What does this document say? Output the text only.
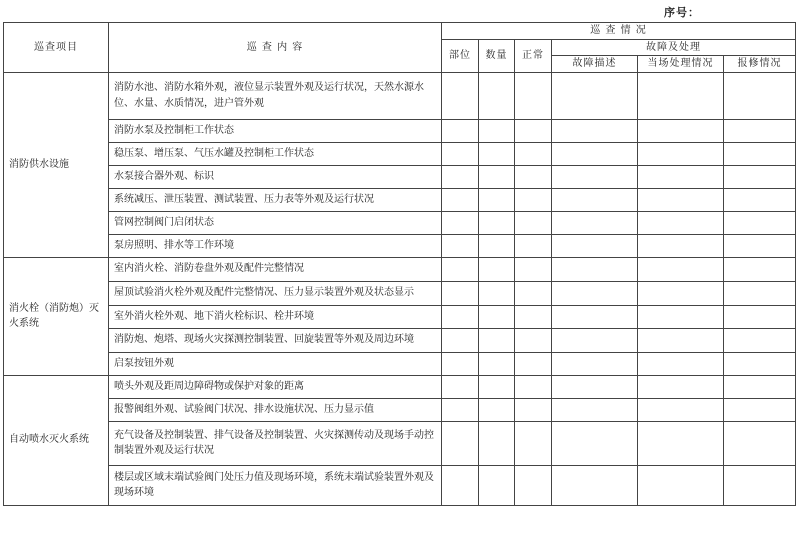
序号：
巡查项目	巡 查 内 容	巡 查 情 况					
		部位	数量	正常	故障及处理		
					故障描述	当场处理情况	报修情况
消防供水设施	消防水池、消防水箱外观，液位显示装置外观及运行状况，天然水源水位、水量、水质情况，进户管外观						
	消防水泵及控制柜工作状态						
	稳压泵、增压泵、气压水罐及控制柜工作状态						
	水泵接合器外观、标识						
	系统减压、泄压装置、测试装置、压力表等外观及运行状况						
	管网控制阀门启闭状态						
	泵房照明、排水等工作环境						
消火栓（消防炮）灭火系统	室内消火栓、消防卷盘外观及配件完整情况						
	屋顶试验消火栓外观及配件完整情况、压力显示装置外观及状态显示						
	室外消火栓外观、地下消火栓标识、栓井环境						
	消防炮、炮塔、现场火灾探测控制装置、回旋装置等外观及周边环境						
	启泵按钮外观						
自动喷水灭火系统	喷头外观及距周边障碍物或保护对象的距离						
	报警阀组外观、试验阀门状况、排水设施状况、压力显示值						
	充气设备及控制装置、排气设备及控制装置、火灾探测传动及现场手动控制装置外观及运行状况						
	楼层或区域末端试验阀门处压力值及现场环境，系统末端试验装置外观及现场环境						
